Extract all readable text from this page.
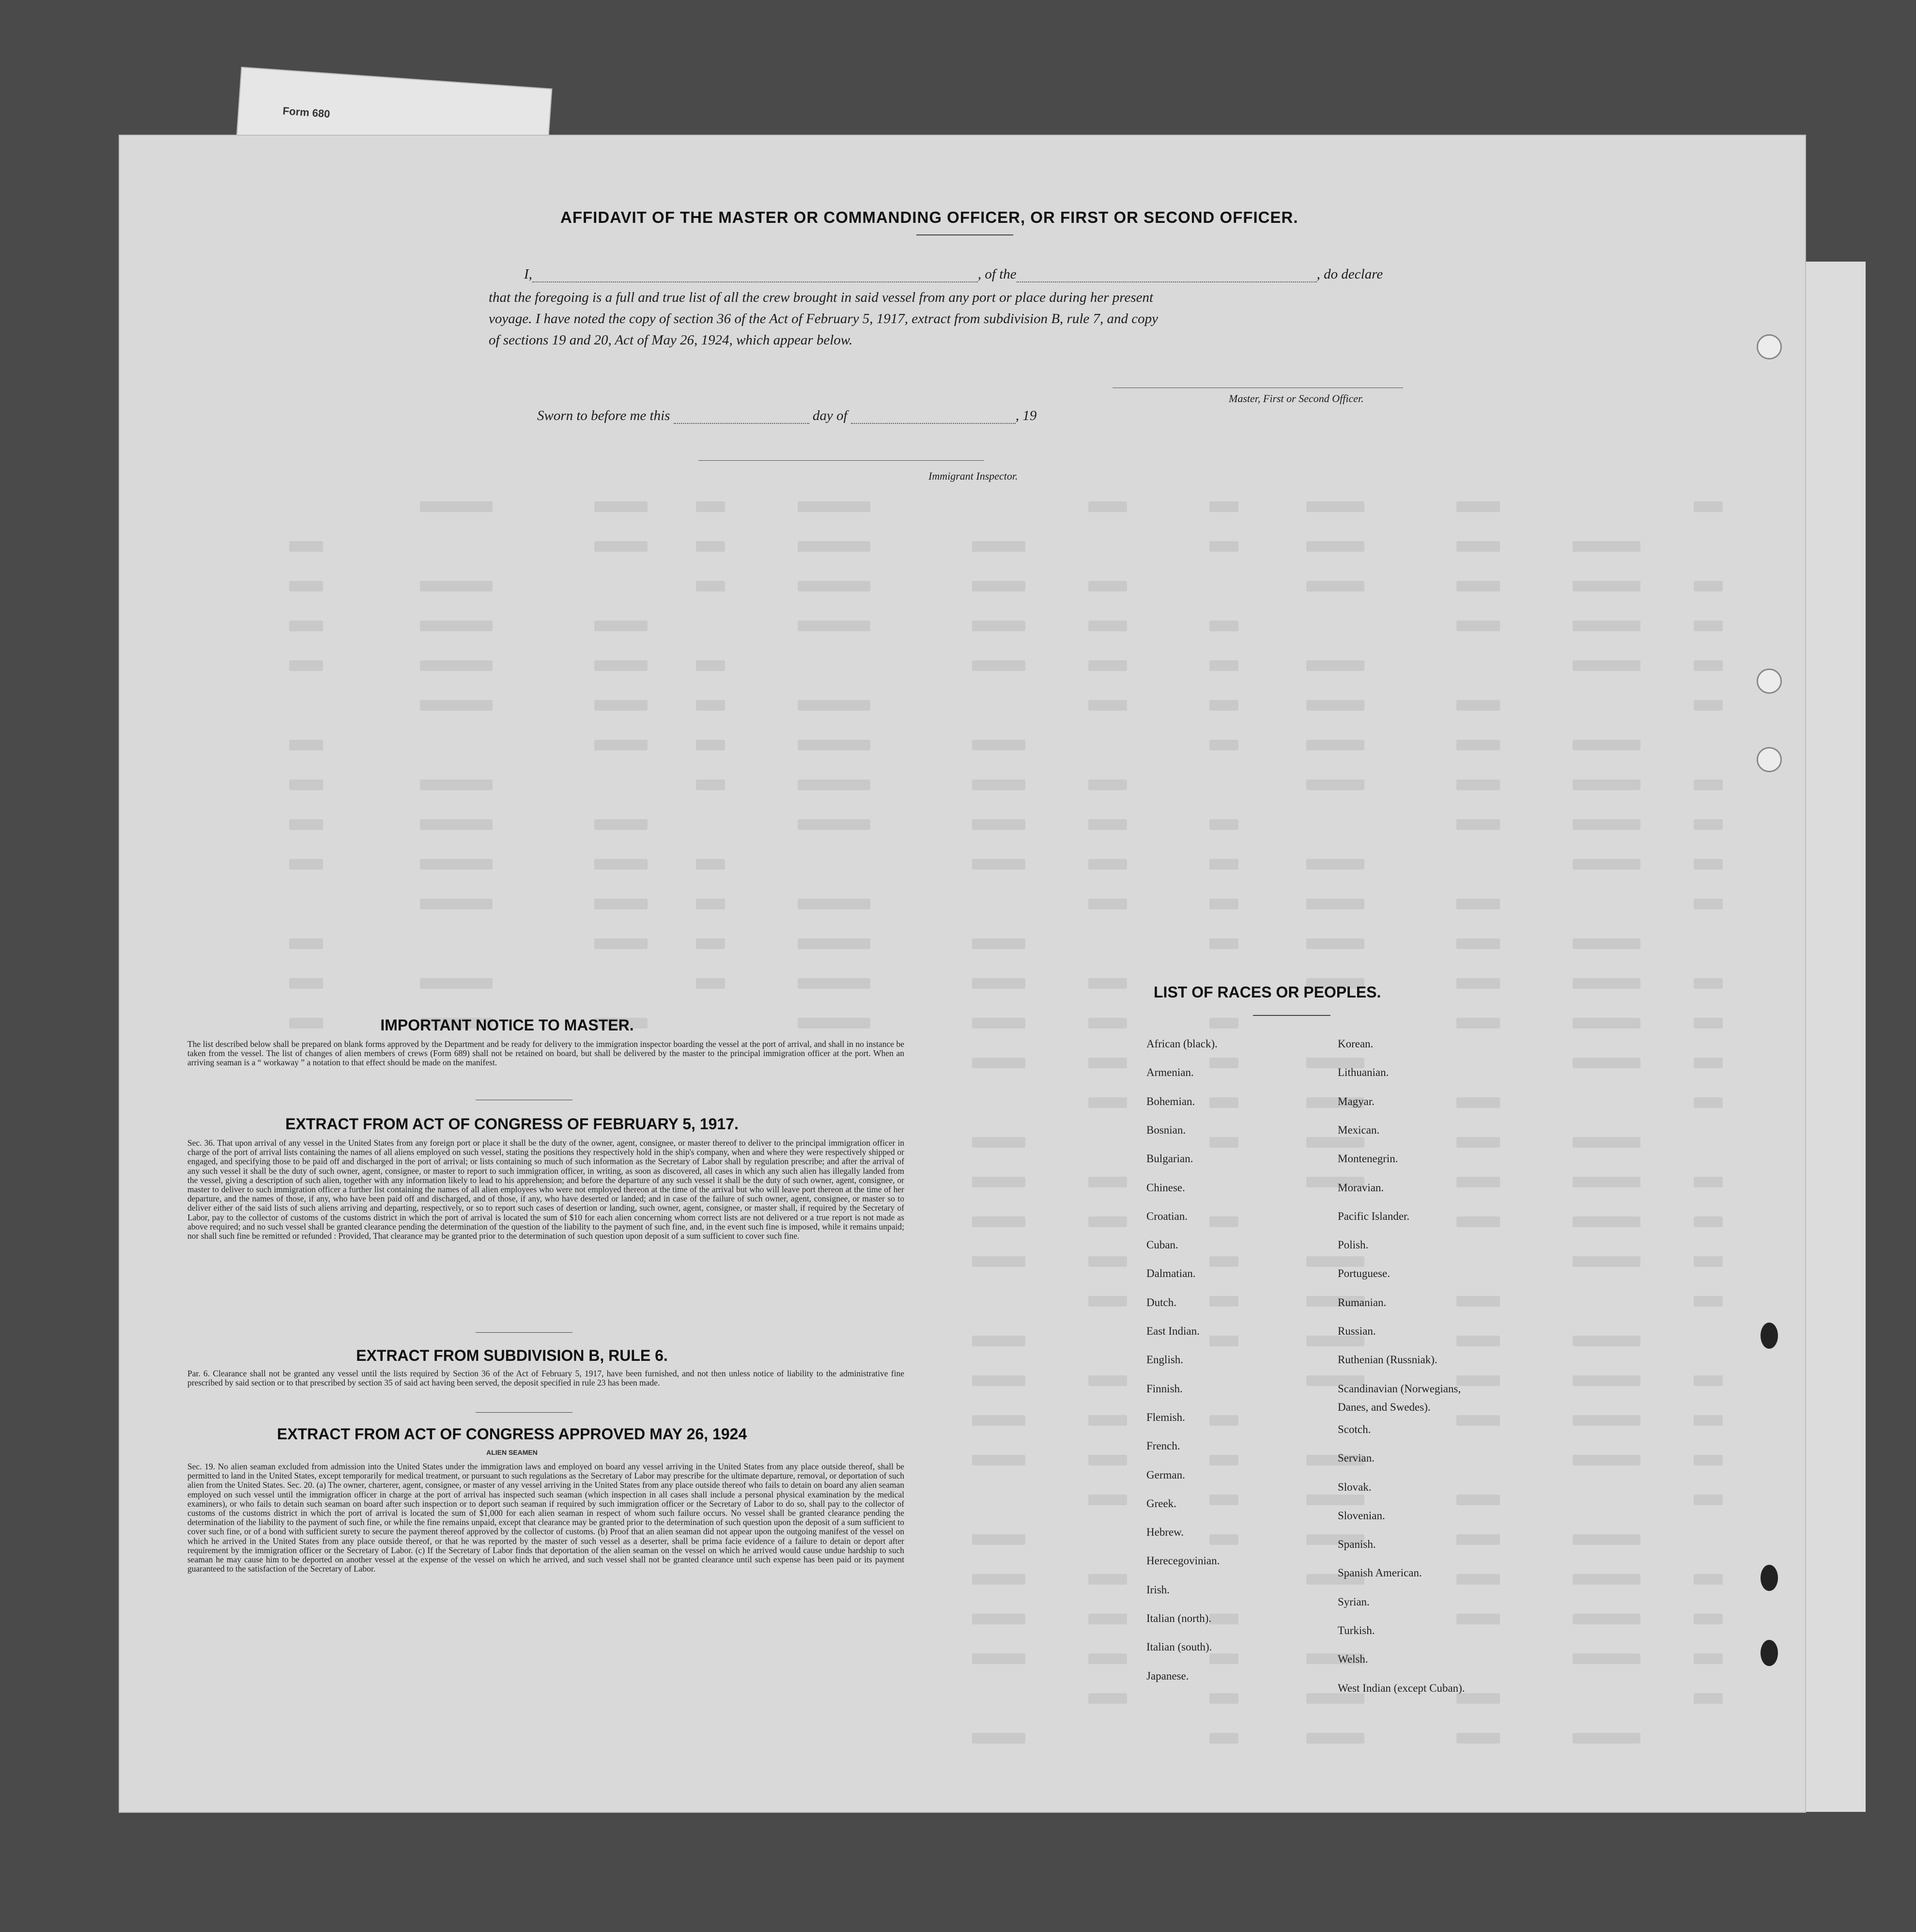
Form 680
AFFIDAVIT OF THE MASTER OR COMMANDING OFFICER, OR FIRST OR SECOND OFFICER.
I,	, of the	, do declare
that the foregoing is a full and true list of all the crew brought in said vessel from any port or place during her present
voyage. I have noted the copy of section 36 of the Act of February 5, 1917, extract from subdivision B, rule 7, and copy
of sections 19 and 20, Act of May 26, 1924, which appear below.
Master, First or Second Officer.
Sworn to before me this	day of	, 19
Immigrant Inspector.
IMPORTANT NOTICE TO MASTER.
The list described below shall be prepared on blank forms approved by the Department and be ready for delivery to the immigration inspector boarding the vessel at the port of arrival, and shall in no instance be taken from the vessel. The list of changes of alien members of crews (Form 689) shall not be retained on board, but shall be delivered by the master to the principal immigration officer at the port. When an arriving seaman is a “ workaway ” a notation to that effect should be made on the manifest.
EXTRACT FROM ACT OF CONGRESS OF FEBRUARY 5, 1917.
Sec. 36. That upon arrival of any vessel in the United States from any foreign port or place it shall be the duty of the owner, agent, consignee, or master thereof to deliver to the principal immigration officer in charge of the port of arrival lists containing the names of all aliens employed on such vessel, stating the positions they respectively hold in the ship's company, when and where they were respectively shipped or engaged, and specifying those to be paid off and discharged in the port of arrival; or lists containing so much of such information as the Secretary of Labor shall by regulation prescribe; and after the arrival of any such vessel it shall be the duty of such owner, agent, consignee, or master to report to such immigration officer, in writing, as soon as discovered, all cases in which any such alien has illegally landed from the vessel, giving a description of such alien, together with any information likely to lead to his apprehension; and before the departure of any such vessel it shall be the duty of such owner, agent, consignee, or master to deliver to such immigration officer a further list containing the names of all alien employees who were not employed thereon at the time of the arrival but who will leave port thereon at the time of her departure, and the names of those, if any, who have been paid off and discharged, and of those, if any, who have deserted or landed; and in case of the failure of such owner, agent, consignee, or master so to deliver either of the said lists of such aliens arriving and departing, respectively, or so to report such cases of desertion or landing, such owner, agent, consignee, or master shall, if required by the Secretary of Labor, pay to the collector of customs of the customs district in which the port of arrival is located the sum of $10 for each alien concerning whom correct lists are not delivered or a true report is not made as above required; and no such vessel shall be granted clearance pending the determination of the question of the liability to the payment of such fine, and, in the event such fine is imposed, while it remains unpaid; nor shall such fine be remitted or refunded : Provided, That clearance may be granted prior to the determination of such question upon deposit of a sum sufficient to cover such fine.
EXTRACT FROM SUBDIVISION B, RULE 6.
Par. 6. Clearance shall not be granted any vessel until the lists required by Section 36 of the Act of February 5, 1917, have been furnished, and not then unless notice of liability to the administrative fine prescribed by said section or to that prescribed by section 35 of said act having been served, the deposit specified in rule 23 has been made.
EXTRACT FROM ACT OF CONGRESS APPROVED MAY 26, 1924
ALIEN SEAMEN
Sec. 19. No alien seaman excluded from admission into the United States under the immigration laws and employed on board any vessel arriving in the United States from any place outside thereof, shall be permitted to land in the United States, except temporarily for medical treatment, or pursuant to such regulations as the Secretary of Labor may prescribe for the ultimate departure, removal, or deportation of such alien from the United States. Sec. 20. (a) The owner, charterer, agent, consignee, or master of any vessel arriving in the United States from any place outside thereof who fails to detain on board any alien seaman employed on such vessel until the immigration officer in charge at the port of arrival has inspected such seaman (which inspection in all cases shall include a personal physical examination by the medical examiners), or who fails to detain such seaman on board after such inspection or to deport such seaman if required by such immigration officer or the Secretary of Labor to do so, shall pay to the collector of customs of the customs district in which the port of arrival is located the sum of $1,000 for each alien seaman in respect of whom such failure occurs. No vessel shall be granted clearance pending the determination of the liability to the payment of such fine, or while the fine remains unpaid, except that clearance may be granted prior to the determination of such question upon the deposit of a sum sufficient to cover such fine, or of a bond with sufficient surety to secure the payment thereof approved by the collector of customs. (b) Proof that an alien seaman did not appear upon the outgoing manifest of the vessel on which he arrived in the United States from any place outside thereof, or that he was reported by the master of such vessel as a deserter, shall be prima facie evidence of a failure to detain or deport after requirement by the immigration officer or the Secretary of Labor. (c) If the Secretary of Labor finds that deportation of the alien seaman on the vessel on which he arrived would cause undue hardship to such seaman he may cause him to be deported on another vessel at the expense of the vessel on which he arrived, and such vessel shall not be granted clearance until such expense has been paid or its payment guaranteed to the satisfaction of the Secretary of Labor.
LIST OF RACES OR PEOPLES.
African (black).
Armenian.
Bohemian.
Bosnian.
Bulgarian.
Chinese.
Croatian.
Cuban.
Dalmatian.
Dutch.
East Indian.
English.
Finnish.
Flemish.
French.
German.
Greek.
Hebrew.
Herecegovinian.
Irish.
Italian (north).
Italian (south).
Japanese.
Korean.
Lithuanian.
Magyar.
Mexican.
Montenegrin.
Moravian.
Pacific Islander.
Polish.
Portuguese.
Rumanian.
Russian.
Ruthenian (Russniak).
Scandinavian (Norwegians,
Scotch.
Servian.
Slovak.
Slovenian.
Spanish.
Spanish American.
Syrian.
Turkish.
Welsh.
West Indian (except Cuban).
Danes, and Swedes).
